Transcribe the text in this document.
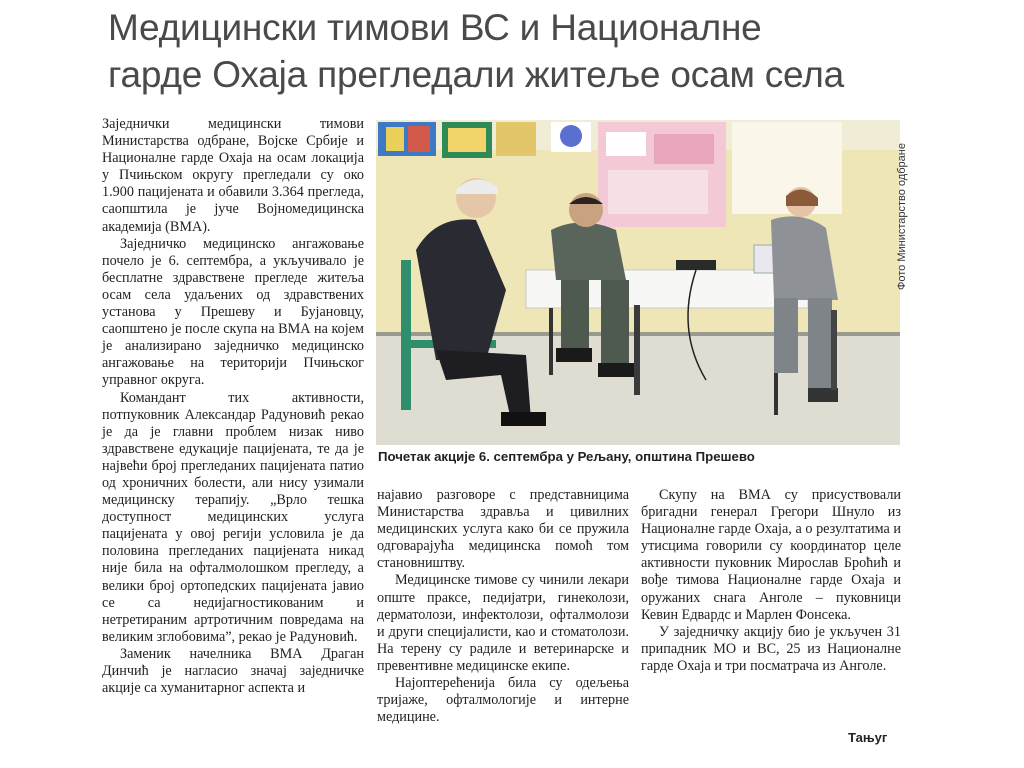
Медицински тимови ВС и Националне
гарде Охаја прегледали житеље осам села

Заједнички медицински тимови Министарства одбране, Војске Србије и Националне гарде Охаја на осам локација у Пчињском округу прегледали су око 1.900 пацијената и обавили 3.364 прегледа, саопштила је јуче Војномедицинска академија (ВМА).

Заједничко медицинско ангажовање почело је 6. септембра, а укључивало је бесплатне здравствене прегледе житеља осам села удаљених од здравствених установа у Прешеву и Бујановцу, саопштено је после скупа на ВМА на којем је анализирано заједничко медицинско ангажовање на територији Пчињског управног округа.

Командант тих активности, потпуковник Александар Радуновић рекао је да је главни проблем низак ниво здравствене едукације пацијената, те да је највећи број прегледаних пацијената патио од хроничних болести, али нису узимали медицинску терапију. „Врло тешка доступност медицинских услуга пацијената у овој регији условила је да половина прегледаних пацијената никад није била на офталмолошком прегледу, а велики број ортопедских пацијената јавио се са недијагностикованим и нетретираним артротичним повредама на великим зглобовима”, рекао је Радуновић.

Заменик начелника ВМА Драган Динчић је нагласио значај заједничке акције са хуманитарног аспекта и

Фото Министарство одбране
Почетак акције 6. септембра у Рељану, општина Прешево

најавио разговоре с представницима Министарства здравља и цивилних медицинских услуга како би се пружила одговарајућа медицинска помоћ том становништву.

Медицинске тимове су чинили лекари опште праксе, педијатри, гинеколози, дерматолози, инфектолози, офталмолози и други специјалисти, као и стоматолози. На терену су радиле и ветеринарске и превентивне медицинске екипе.

Најоптерећенија била су одељења тријаже, офталмологије и интерне медицине.

Скупу на ВМА су присуствовали бригадни генерал Грегори Шнулo из Националне гарде Охаја, а о резултатима и утисцима говорили су координатор целе активности пуковник Мирослав Броћић и вође тимова Националне гарде Охаја и оружаних снага Анголе – пуковници Кевин Едвардс и Марлен Фонсека.

У заједничку акцију био је укључен 31 припадник МО и ВС, 25 из Националне гарде Охаја и три посматрача из Анголе.

Тањуг
